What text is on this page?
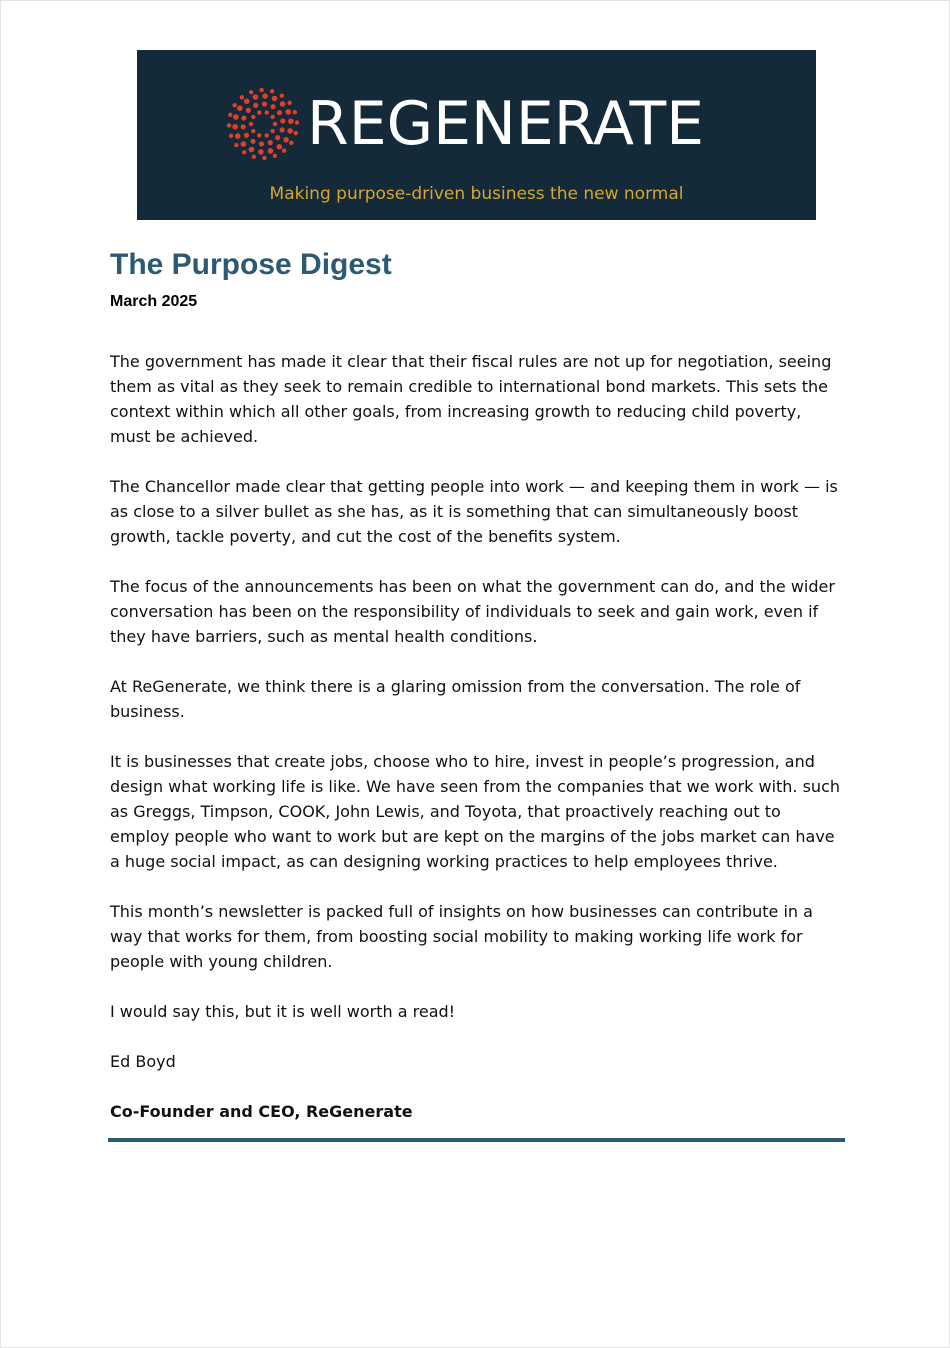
REGENERATE
Making purpose-driven business the new normal
The Purpose Digest
March 2025

The government has made it clear that their fiscal rules are not up for negotiation, seeing them as vital as they seek to remain credible to international bond markets. This sets the context within which all other goals, from increasing growth to reducing child poverty, must be achieved.

The Chancellor made clear that getting people into work — and keeping them in work — is as close to a silver bullet as she has, as it is something that can simultaneously boost growth, tackle poverty, and cut the cost of the benefits system.

The focus of the announcements has been on what the government can do, and the wider conversation has been on the responsibility of individuals to seek and gain work, even if they have barriers, such as mental health conditions.

At ReGenerate, we think there is a glaring omission from the conversation. The role of business.

It is businesses that create jobs, choose who to hire, invest in people’s progression, and design what working life is like. We have seen from the companies that we work with. such as Greggs, Timpson, COOK, John Lewis, and Toyota, that proactively reaching out to employ people who want to work but are kept on the margins of the jobs market can have a huge social impact, as can designing working practices to help employees thrive.

This month’s newsletter is packed full of insights on how businesses can contribute in a way that works for them, from boosting social mobility to making working life work for people with young children.

I would say this, but it is well worth a read!

Ed Boyd

Co-Founder and CEO, ReGenerate
